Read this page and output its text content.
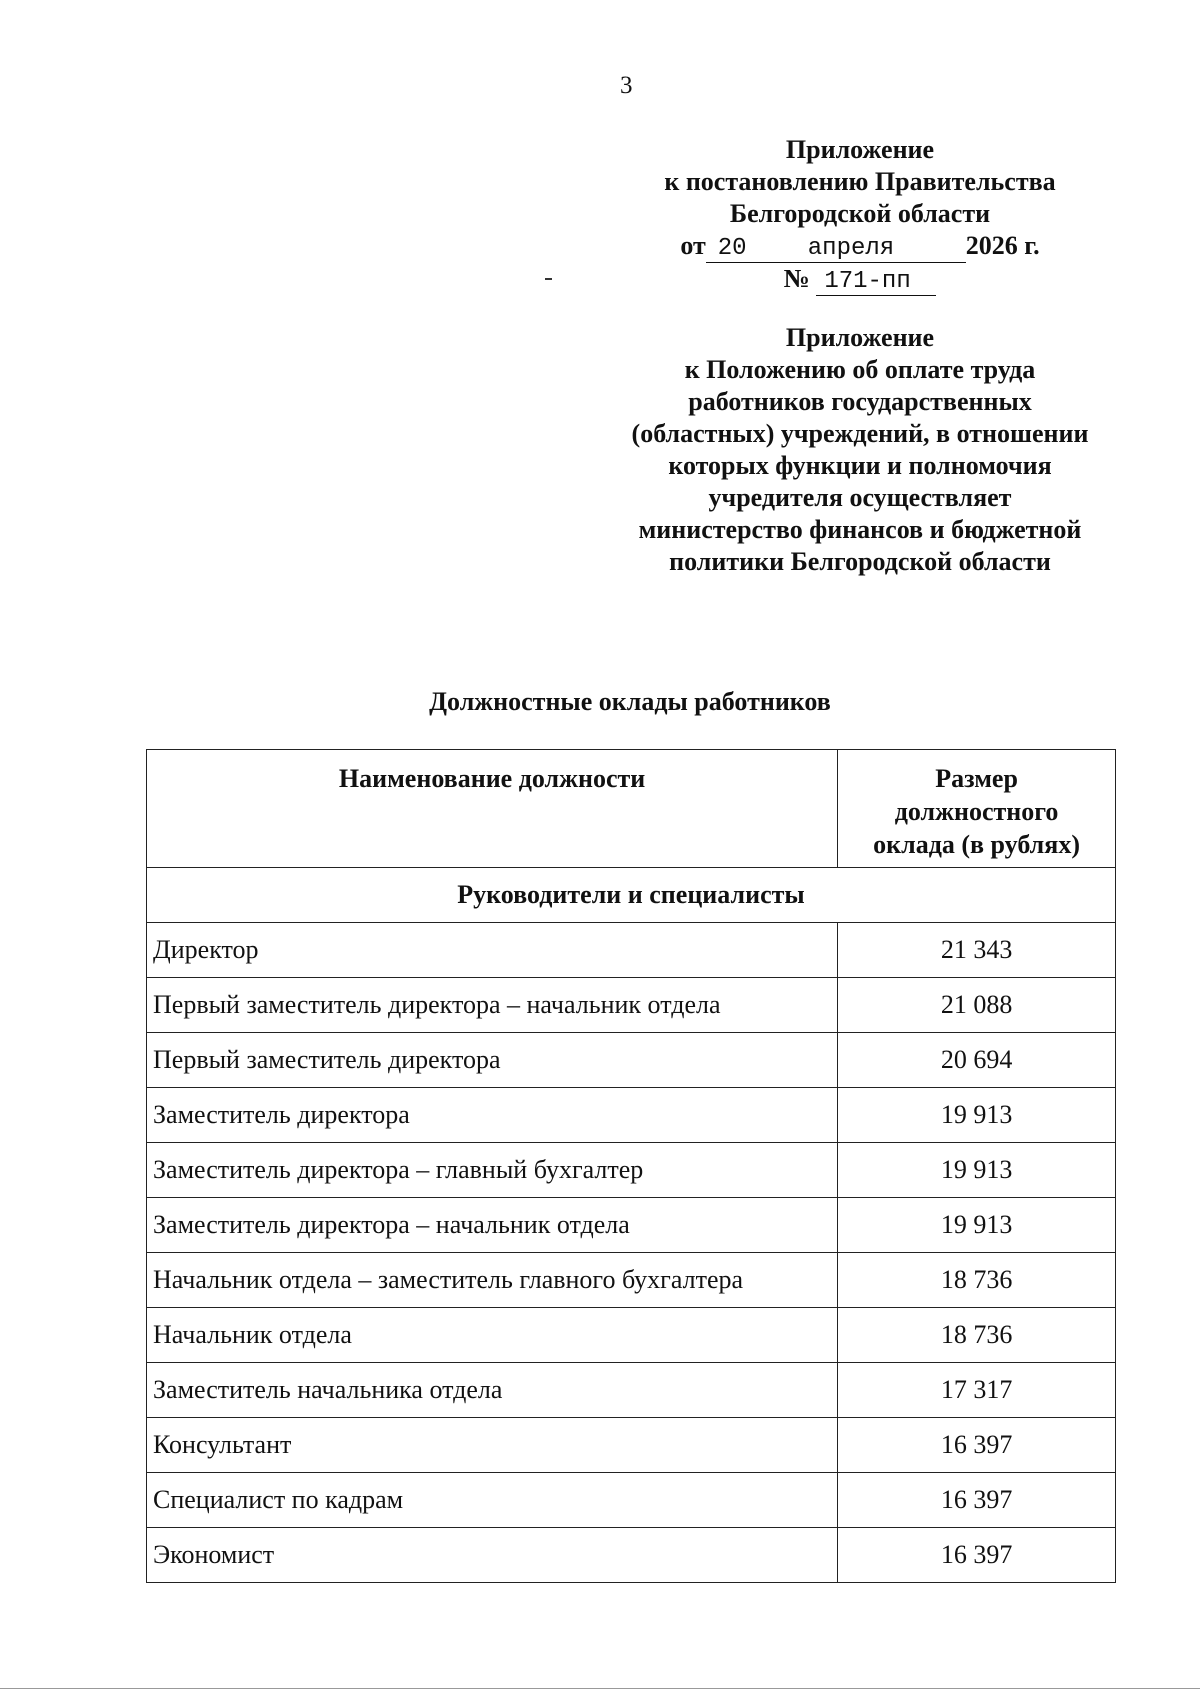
3
Приложение
к постановлению Правительства
Белгородской области
от 20	апреля	2026 г.
№ 171-пп
Приложение
к Положению об оплате труда
работников государственных
(областных) учреждений, в отношении
которых функции и полномочия
учредителя осуществляет
министерство финансов и бюджетной
политики Белгородской области
Должностные оклады работников
Наименование должности	Размер
должностного
оклада (в рублях)

Руководители и специалисты	
Директор	21 343
Первый заместитель директора – начальник отдела	21 088
Первый заместитель директора	20 694
Заместитель директора	19 913
Заместитель директора – главный бухгалтер	19 913
Заместитель директора – начальник отдела	19 913
Начальник отдела – заместитель главного бухгалтера	18 736
Начальник отдела	18 736
Заместитель начальника отдела	17 317
Консультант	16 397
Специалист по кадрам	16 397
Экономист	16 397
